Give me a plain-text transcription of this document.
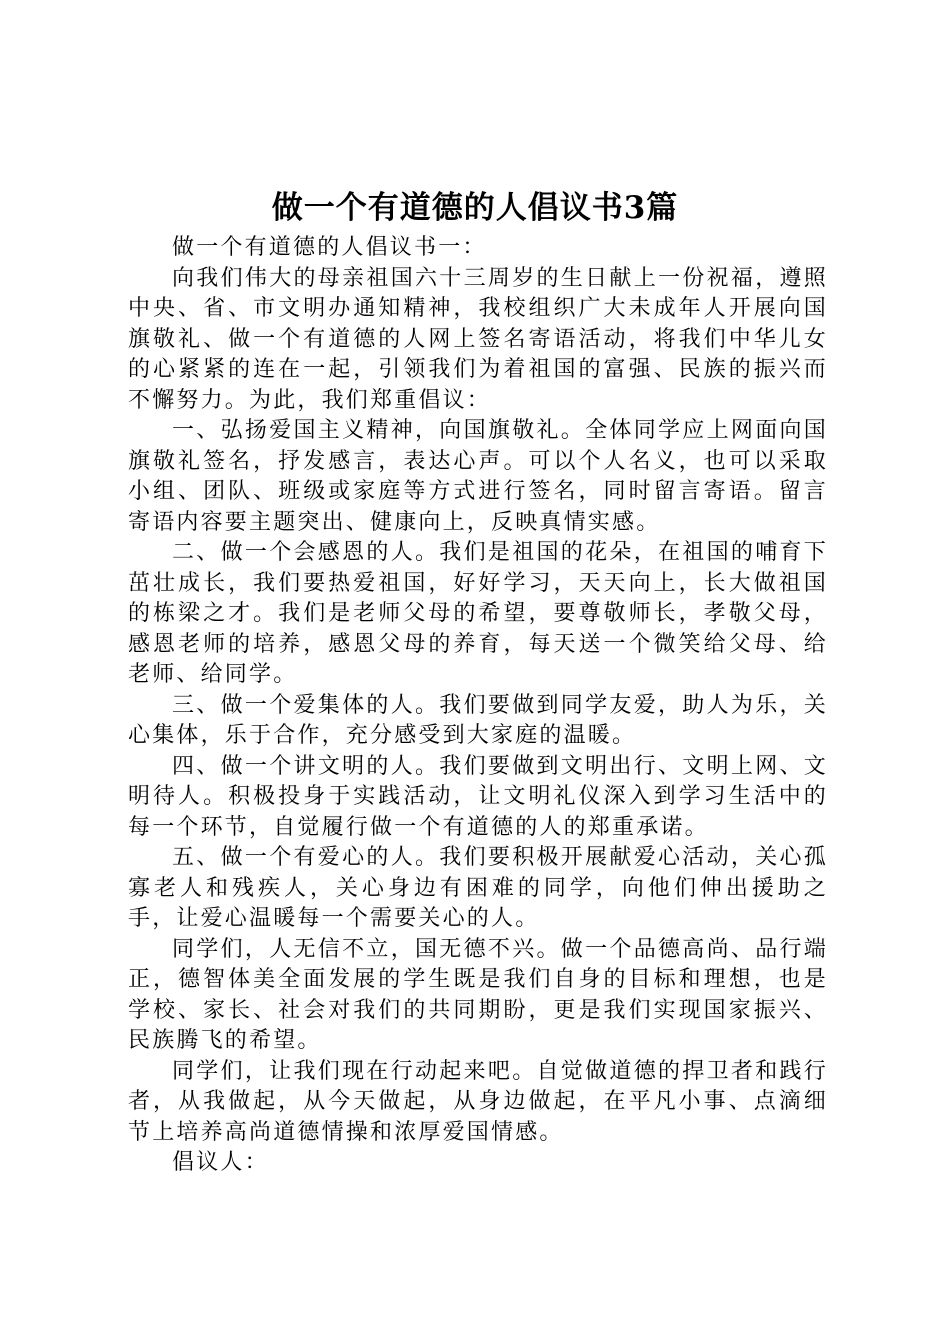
做一个有道德的人倡议书3篇

做一个有道德的人倡议书一：

向我们伟大的母亲祖国六十三周岁的生日献上一份祝福，遵照中央、省、市文明办通知精神，我校组织广大未成年人开展向国旗敬礼、做一个有道德的人网上签名寄语活动，将我们中华儿女的心紧紧的连在一起，引领我们为着祖国的富强、民族的振兴而不懈努力。为此，我们郑重倡议：

一、弘扬爱国主义精神，向国旗敬礼。全体同学应上网面向国旗敬礼签名，抒发感言，表达心声。可以个人名义，也可以采取小组、团队、班级或家庭等方式进行签名，同时留言寄语。留言寄语内容要主题突出、健康向上，反映真情实感。

二、做一个会感恩的人。我们是祖国的花朵，在祖国的哺育下茁壮成长，我们要热爱祖国，好好学习，天天向上，长大做祖国的栋梁之才。我们是老师父母的希望，要尊敬师长，孝敬父母，感恩老师的培养，感恩父母的养育，每天送一个微笑给父母、给老师、给同学。

三、做一个爱集体的人。我们要做到同学友爱，助人为乐，关心集体，乐于合作，充分感受到大家庭的温暖。

四、做一个讲文明的人。我们要做到文明出行、文明上网、文明待人。积极投身于实践活动，让文明礼仪深入到学习生活中的每一个环节，自觉履行做一个有道德的人的郑重承诺。

五、做一个有爱心的人。我们要积极开展献爱心活动，关心孤寡老人和残疾人，关心身边有困难的同学，向他们伸出援助之手，让爱心温暖每一个需要关心的人。

同学们，人无信不立，国无德不兴。做一个品德高尚、品行端正，德智体美全面发展的学生既是我们自身的目标和理想，也是学校、家长、社会对我们的共同期盼，更是我们实现国家振兴、民族腾飞的希望。

同学们，让我们现在行动起来吧。自觉做道德的捍卫者和践行者，从我做起，从今天做起，从身边做起，在平凡小事、点滴细节上培养高尚道德情操和浓厚爱国情感。

倡议人：
